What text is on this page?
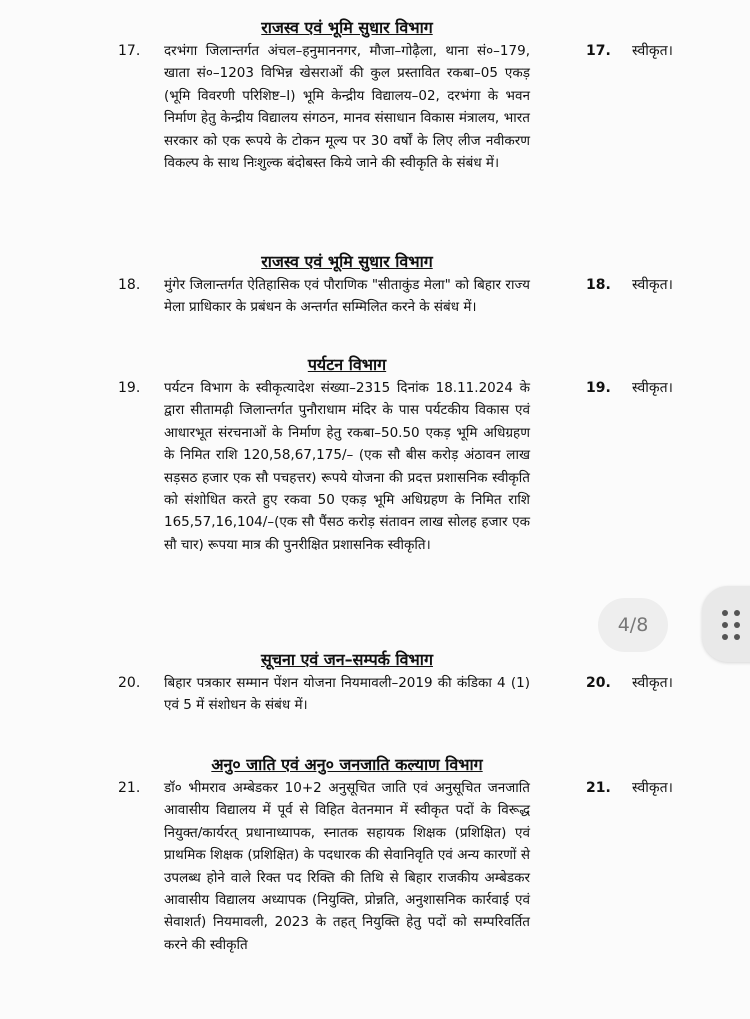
राजस्व एवं भूमि सुधार विभाग
17.	दरभंगा जिलान्तर्गत अंचल–हनुमाननगर, मौजा–गोढ़ैला, थाना सं०–179, खाता सं०–1203 विभिन्न खेसराओं की कुल प्रस्तावित रकबा–05 एकड़ (भूमि विवरणी परिशिष्ट–I) भूमि केन्द्रीय विद्यालय–02, दरभंगा के भवन निर्माण हेतु केन्द्रीय विद्यालय संगठन, मानव संसाधान विकास मंत्रालय, भारत सरकार को एक रूपये के टोकन मूल्य पर 30 वर्षों के लिए लीज नवीकरण विकल्प के साथ निःशुल्क बंदोबस्त किये जाने की स्वीकृति के संबंध में।
17.	स्वीकृत।
राजस्व एवं भूमि सुधार विभाग
18.	मुंगेर जिलान्तर्गत ऐतिहासिक एवं पौराणिक "सीताकुंड मेला" को बिहार राज्य मेला प्राधिकार के प्रबंधन के अन्तर्गत सम्मिलित करने के संबंध में।
18.	स्वीकृत।
पर्यटन विभाग
19.	पर्यटन विभाग के स्वीकृत्यादेश संख्या–2315 दिनांक 18.11.2024 के द्वारा सीतामढ़ी जिलान्तर्गत पुनौराधाम मंदिर के पास पर्यटकीय विकास एवं आधारभूत संरचनाओं के निर्माण हेतु रकबा–50.50 एकड़ भूमि अधिग्रहण के निमित राशि 120,58,67,175/– (एक सौ बीस करोड़ अंठावन लाख सड़सठ हजार एक सौ पचहत्तर) रूपये योजना की प्रदत्त प्रशासनिक स्वीकृति को संशोधित करते हुए रकवा 50 एकड़ भूमि अधिग्रहण के निमित राशि 165,57,16,104/–(एक सौ पैंसठ करोड़ संतावन लाख सोलह हजार एक सौ चार) रूपया मात्र की पुनरीक्षित प्रशासनिक स्वीकृति।
19.	स्वीकृत।
सूचना एवं जन–सम्पर्क विभाग
20.	बिहार पत्रकार सम्मान पेंशन योजना नियमावली–2019 की कंडिका 4 (1) एवं 5 में संशोधन के संबंध में।
20.	स्वीकृत।
अनु० जाति एवं अनु० जनजाति कल्याण विभाग
21.	डॉ० भीमराव अम्बेडकर 10+2 अनुसूचित जाति एवं अनुसूचित जनजाति आवासीय विद्यालय में पूर्व से विहित वेतनमान में स्वीकृत पदों के विरूद्ध नियुक्त/कार्यरत् प्रधानाध्यापक, स्नातक सहायक शिक्षक (प्रशिक्षित) एवं प्राथमिक शिक्षक (प्रशिक्षित) के पदधारक की सेवानिवृति एवं अन्य कारणों से उपलब्ध होने वाले रिक्त पद रिक्ति की तिथि से बिहार राजकीय अम्बेडकर आवासीय विद्यालय अध्यापक (नियुक्ति, प्रोन्नति, अनुशासनिक कार्रवाई एवं सेवाशर्त) नियमावली, 2023 के तहत् नियुक्ति हेतु पदों को सम्परिवर्तित करने की स्वीकृति
21.	स्वीकृत।
4/8
